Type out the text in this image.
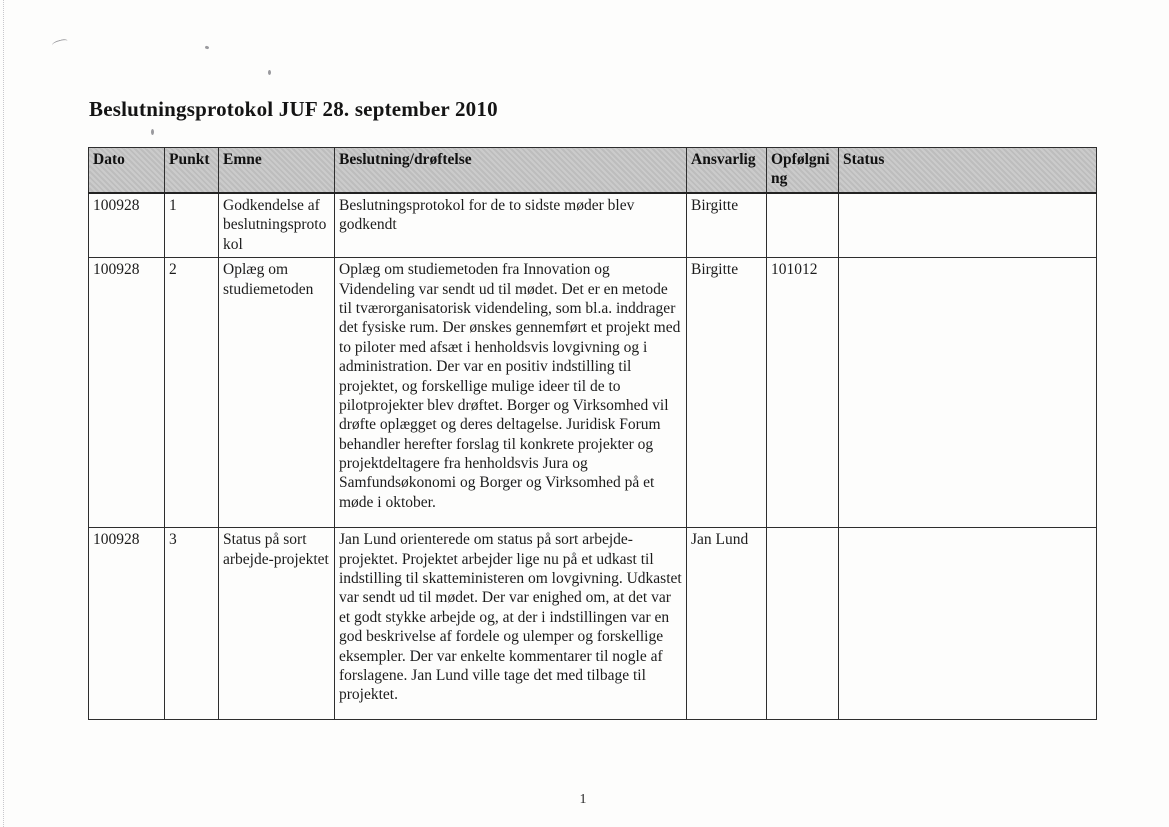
Beslutningsprotokol JUF 28. september 2010
Dato	Punkt	Emne	Beslutning/drøftelse	Ansvarlig	Opfølgning	Status
100928	1	Godkendelse af beslutningsprotokol	Beslutningsprotokol for de to sidste møder blev godkendt	Birgitte		
100928	2	Oplæg om studiemetoden	Oplæg om studiemetoden fra Innovation og Videndeling var sendt ud til mødet. Det er en metode til tværorganisatorisk videndeling, som bl.a. inddrager det fysiske rum. Der ønskes gennemført et projekt med to piloter med afsæt i henholdsvis lovgivning og i administration. Der var en positiv indstilling til projektet, og forskellige mulige ideer til de to pilotprojekter blev drøftet. Borger og Virksomhed vil drøfte oplægget og deres deltagelse. Juridisk Forum behandler herefter forslag til konkrete projekter og projektdeltagere fra henholdsvis Jura og Samfundsøkonomi og Borger og Virksomhed på et møde i oktober.	Birgitte	101012	
100928	3	Status på sort arbejde-projektet	Jan Lund orienterede om status på sort arbejde-projektet. Projektet arbejder lige nu på et udkast til indstilling til skatteministeren om lovgivning. Udkastet var sendt ud til mødet. Der var enighed om, at det var et godt stykke arbejde og, at der i indstillingen var en god beskrivelse af fordele og ulemper og forskellige eksempler. Der var enkelte kommentarer til nogle af forslagene. Jan Lund ville tage det med tilbage til projektet.	Jan Lund		
1
